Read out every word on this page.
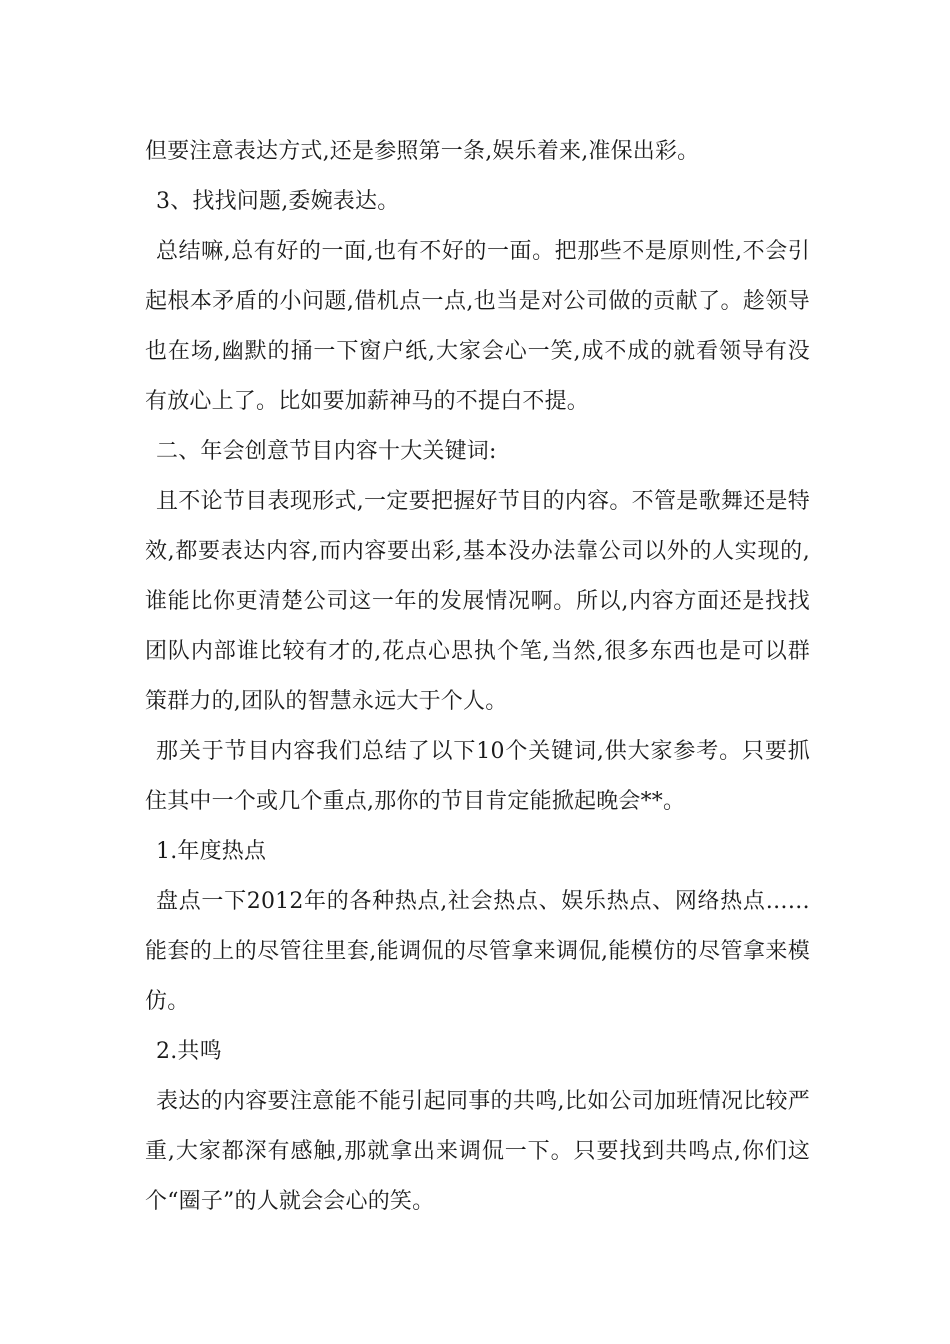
但要注意表达方式,还是参照第一条,娱乐着来,准保出彩。

3、找找问题,委婉表达。

总结嘛,总有好的一面,也有不好的一面。把那些不是原则性,不会引起根本矛盾的小问题,借机点一点,也当是对公司做的贡献了。趁领导也在场,幽默的捅一下窗户纸,大家会心一笑,成不成的就看领导有没有放心上了。比如要加薪神马的不提白不提。

二、年会创意节目内容十大关键词:

且不论节目表现形式,一定要把握好节目的内容。不管是歌舞还是特效,都要表达内容,而内容要出彩,基本没办法靠公司以外的人实现的,谁能比你更清楚公司这一年的发展情况啊。所以,内容方面还是找找团队内部谁比较有才的,花点心思执个笔,当然,很多东西也是可以群策群力的,团队的智慧永远大于个人。

那关于节目内容我们总结了以下10个关键词,供大家参考。只要抓住其中一个或几个重点,那你的节目肯定能掀起晚会**。

1.年度热点

盘点一下2012年的各种热点,社会热点、娱乐热点、网络热点……能套的上的尽管往里套,能调侃的尽管拿来调侃,能模仿的尽管拿来模仿。

2.共鸣

表达的内容要注意能不能引起同事的共鸣,比如公司加班情况比较严重,大家都深有感触,那就拿出来调侃一下。只要找到共鸣点,你们这个“圈子”的人就会会心的笑。
